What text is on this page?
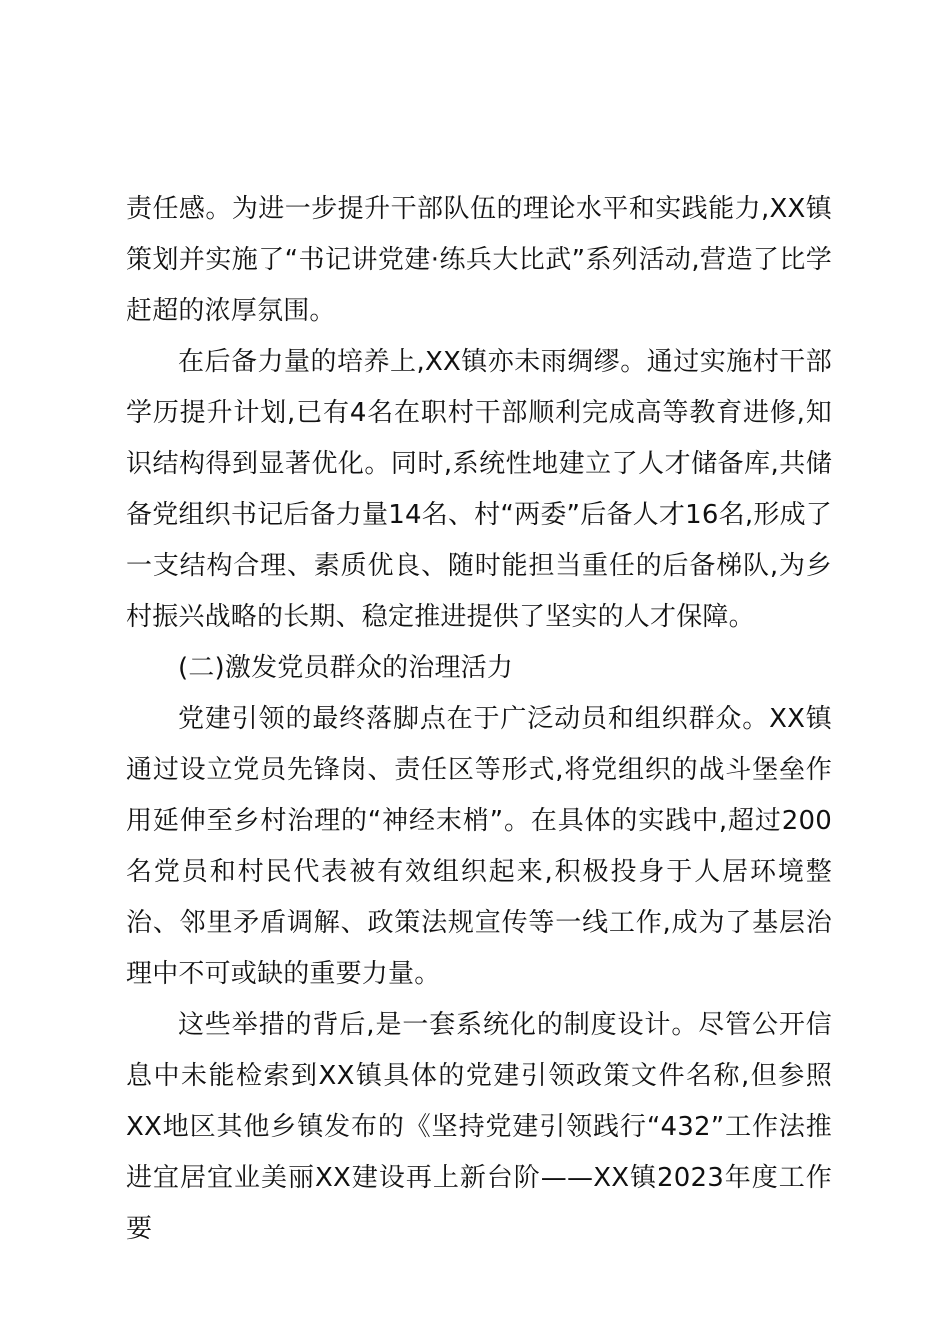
责任感。为进一步提升干部队伍的理论水平和实践能力,XX镇策划并实施了“书记讲党建·练兵大比武”系列活动,营造了比学赶超的浓厚氛围。

在后备力量的培养上,XX镇亦未雨绸缪。通过实施村干部学历提升计划,已有4名在职村干部顺利完成高等教育进修,知识结构得到显著优化。同时,系统性地建立了人才储备库,共储备党组织书记后备力量14名、村“两委”后备人才16名,形成了一支结构合理、素质优良、随时能担当重任的后备梯队,为乡村振兴战略的长期、稳定推进提供了坚实的人才保障。

(二)激发党员群众的治理活力

党建引领的最终落脚点在于广泛动员和组织群众。XX镇通过设立党员先锋岗、责任区等形式,将党组织的战斗堡垒作用延伸至乡村治理的“神经末梢”。在具体的实践中,超过200名党员和村民代表被有效组织起来,积极投身于人居环境整治、邻里矛盾调解、政策法规宣传等一线工作,成为了基层治理中不可或缺的重要力量。

这些举措的背后,是一套系统化的制度设计。尽管公开信息中未能检索到XX镇具体的党建引领政策文件名称,但参照XX地区其他乡镇发布的《坚持党建引领践行“432”工作法推进宜居宜业美丽XX建设再上新台阶——XX镇2023年度工作要
